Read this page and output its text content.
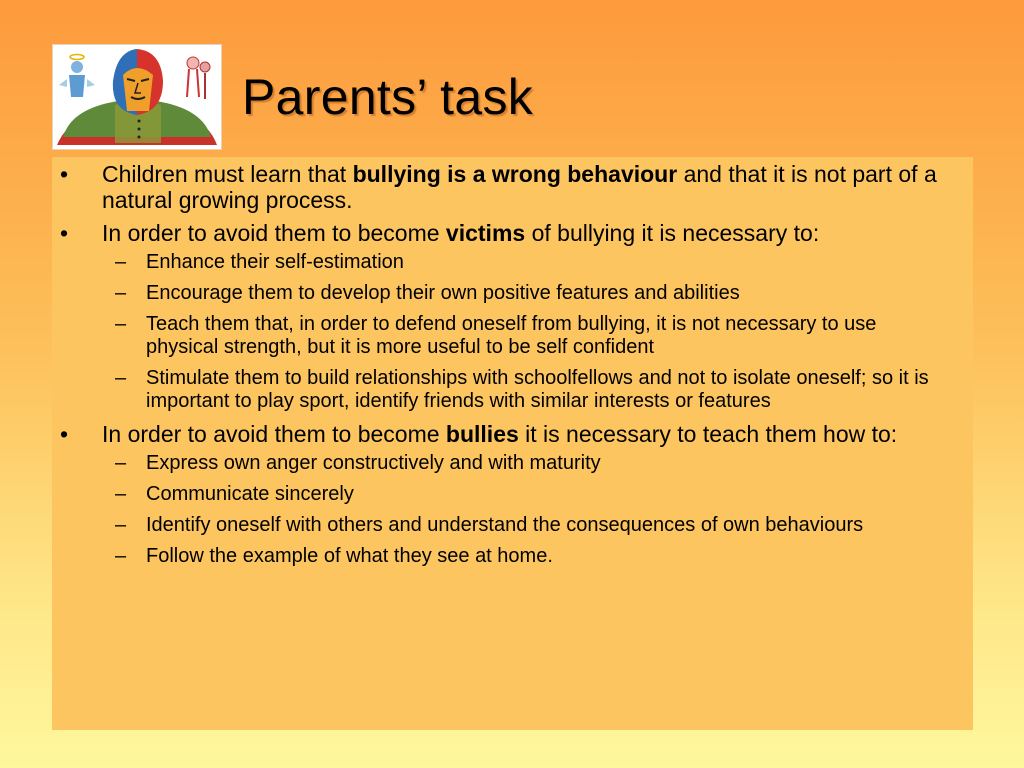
Parents’ task
• Children must learn that bullying is a wrong behaviour and that it is not part of a natural growing process.
• In order to avoid them to become victims of bullying it is necessary to:
– Enhance their self-estimation
– Encourage them to develop their own positive features and abilities
– Teach them that, in order to defend oneself from bullying, it is not necessary to use physical strength, but it is more useful to be self confident
– Stimulate them to build relationships with schoolfellows and not to isolate oneself; so it is important to play sport, identify friends with similar interests or features
• In order to avoid them to become bullies it is necessary to teach them how to:
– Express own anger constructively and with maturity
– Communicate sincerely
– Identify oneself with others and understand the consequences of own behaviours
– Follow the example of what they see at home.
